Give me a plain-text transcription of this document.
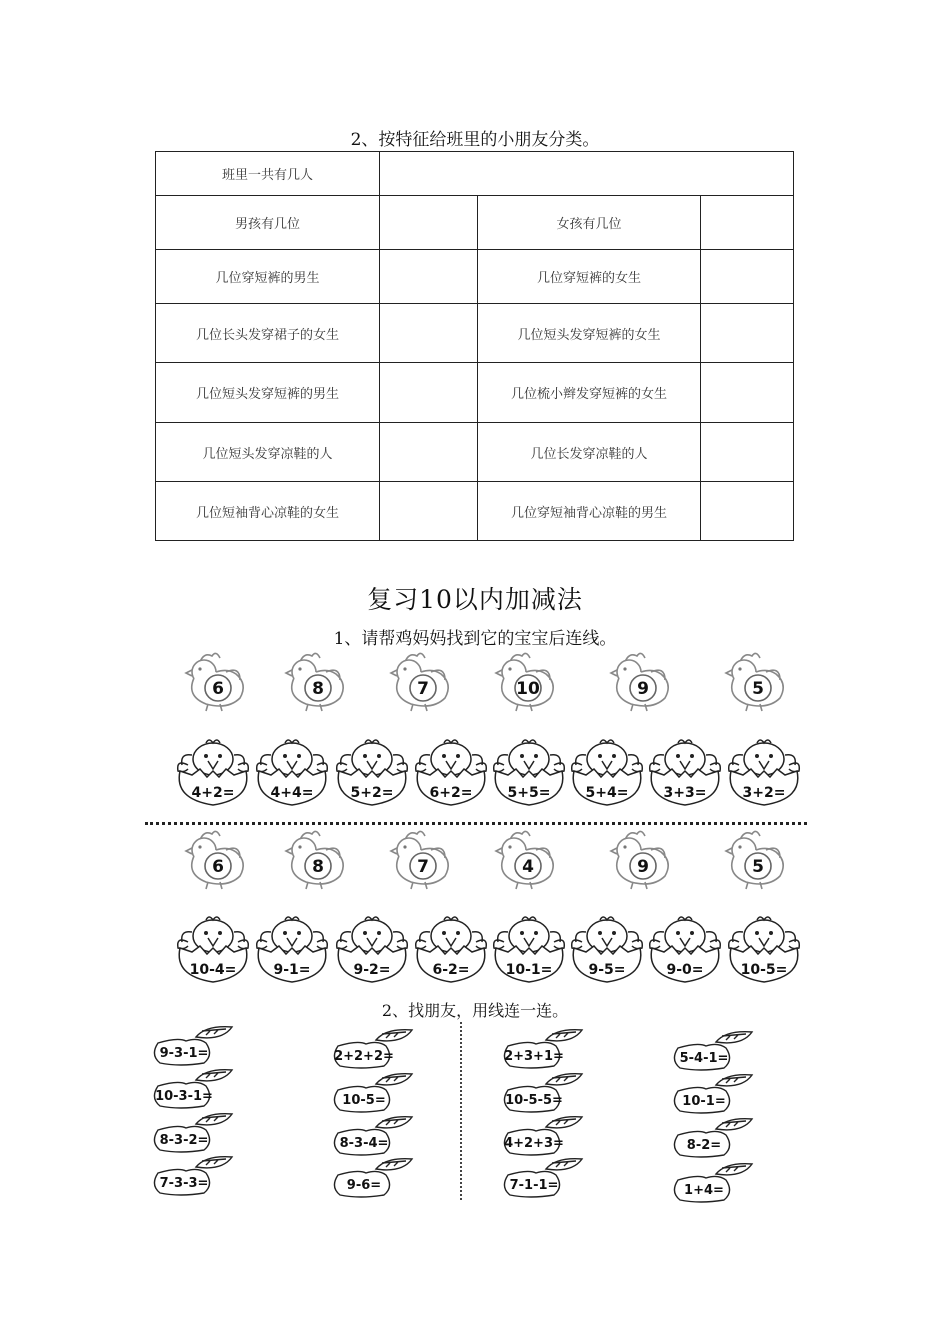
2、按特征给班里的小朋友分类。
班里一共有几人			
男孩有几位		女孩有几位	
几位穿短裤的男生		几位穿短裤的女生	
几位长头发穿裙子的女生		几位短头发穿短裤的女生	
几位短头发穿短裤的男生		几位梳小辫发穿短裤的女生	
几位短头发穿凉鞋的人		几位长发穿凉鞋的人	
几位短袖背心凉鞋的女生		几位穿短袖背心凉鞋的男生	
复习10以内加减法
1、请帮鸡妈妈找到它的宝宝后连线。
6	8	7	10	9	5
4+2=	4+4=	5+2=	6+2=	5+5=	5+4=	3+3=	3+2=
6	8	7	4	9	5
10-4=	9-1=	9-2=	6-2=	10-1=	9-5=	9-0=	10-5=
2、找朋友，用线连一连。
9-3-1=
10-3-1=
8-3-2=
7-3-3=
2+2+2=
10-5=
8-3-4=
9-6=
2+3+1=
10-5-5=
4+2+3=
7-1-1=
5-4-1=
10-1=
8-2=
1+4=
